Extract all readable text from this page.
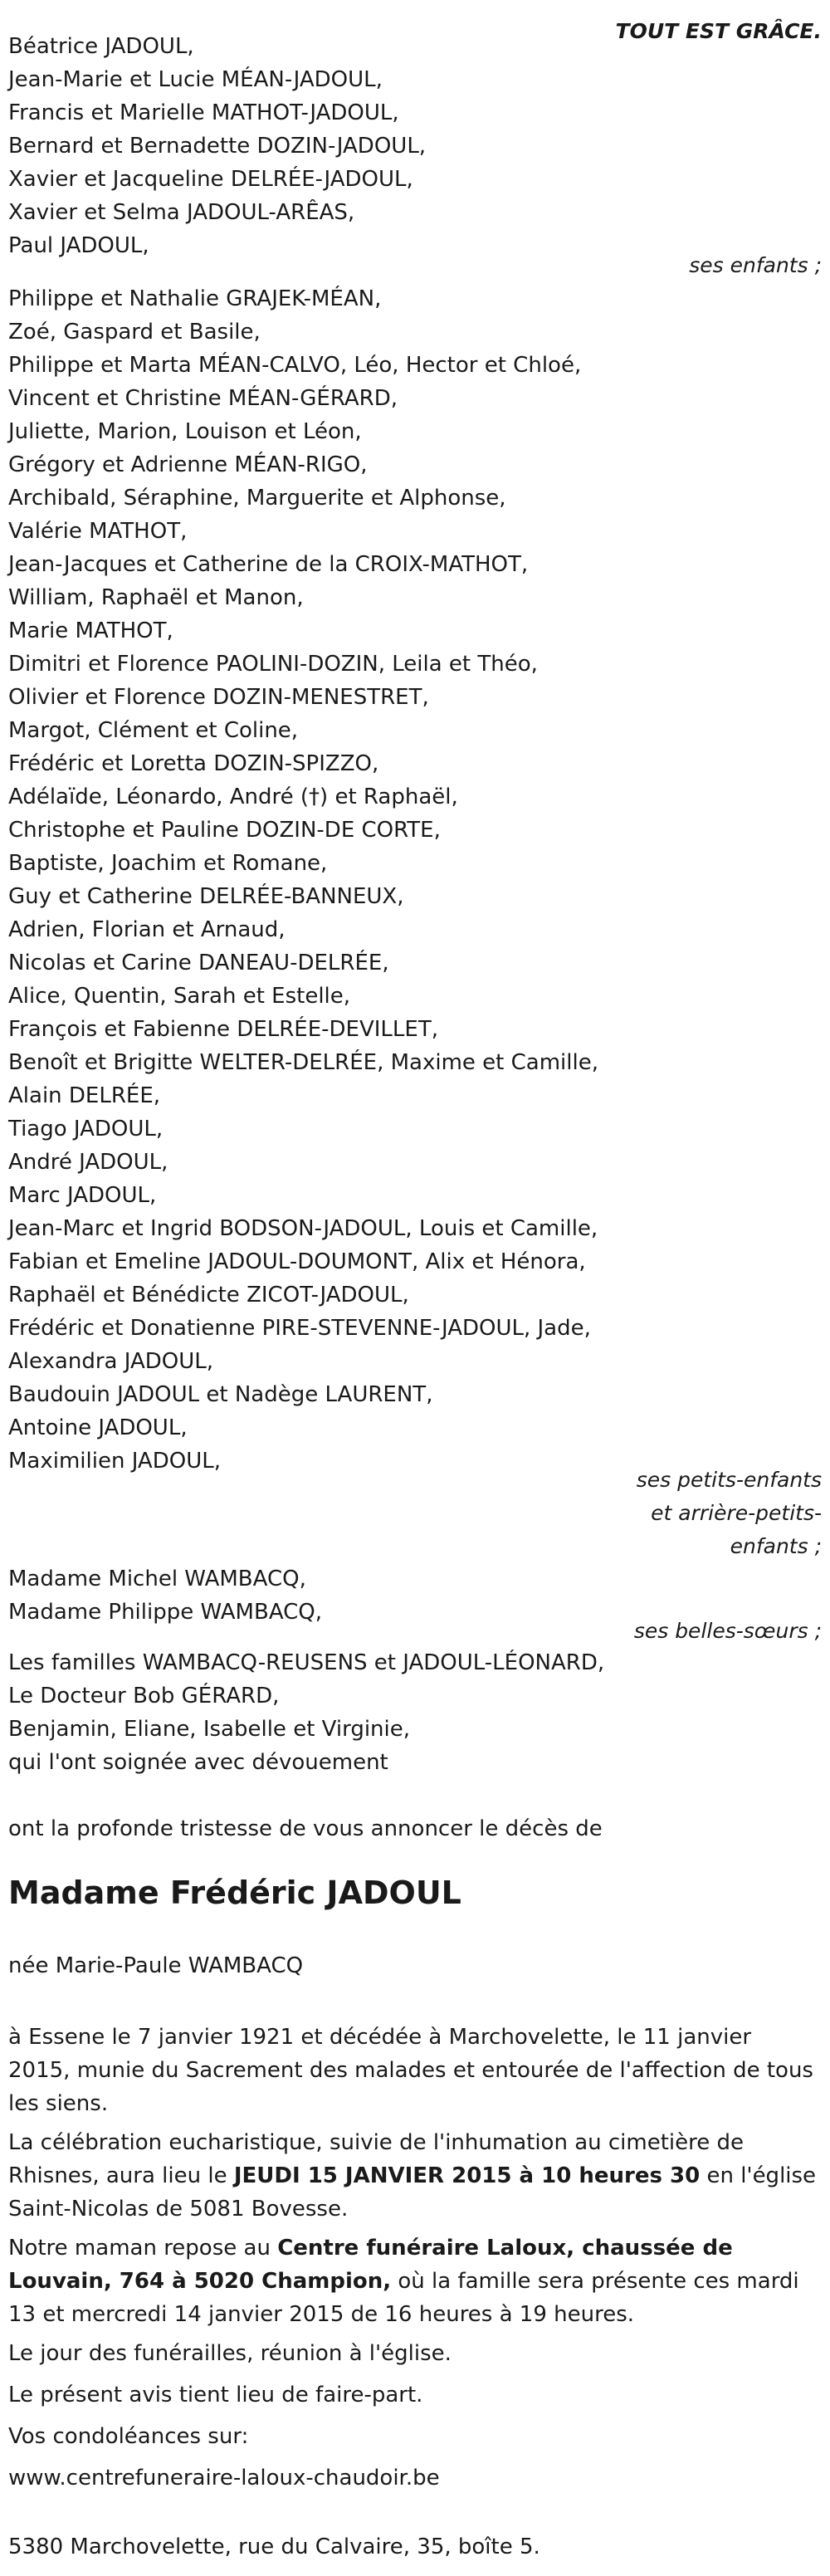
TOUT EST GRÂCE.
Béatrice JADOUL,
Jean-Marie et Lucie MÉAN-JADOUL,
Francis et Marielle MATHOT-JADOUL,
Bernard et Bernadette DOZIN-JADOUL,
Xavier et Jacqueline DELRÉE-JADOUL,
Xavier et Selma JADOUL-ARÊAS,
Paul JADOUL,
ses enfants ;
Philippe et Nathalie GRAJEK-MÉAN,
Zoé, Gaspard et Basile,
Philippe et Marta MÉAN-CALVO, Léo, Hector et Chloé,
Vincent et Christine MÉAN-GÉRARD,
Juliette, Marion, Louison et Léon,
Grégory et Adrienne MÉAN-RIGO,
Archibald, Séraphine, Marguerite et Alphonse,
Valérie MATHOT,
Jean-Jacques et Catherine de la CROIX-MATHOT,
William, Raphaël et Manon,
Marie MATHOT,
Dimitri et Florence PAOLINI-DOZIN, Leila et Théo,
Olivier et Florence DOZIN-MENESTRET,
Margot, Clément et Coline,
Frédéric et Loretta DOZIN-SPIZZO,
Adélaïde, Léonardo, André (†) et Raphaël,
Christophe et Pauline DOZIN-DE CORTE,
Baptiste, Joachim et Romane,
Guy et Catherine DELRÉE-BANNEUX,
Adrien, Florian et Arnaud,
Nicolas et Carine DANEAU-DELRÉE,
Alice, Quentin, Sarah et Estelle,
François et Fabienne DELRÉE-DEVILLET,
Benoît et Brigitte WELTER-DELRÉE, Maxime et Camille,
Alain DELRÉE,
Tiago JADOUL,
André JADOUL,
Marc JADOUL,
Jean-Marc et Ingrid BODSON-JADOUL, Louis et Camille,
Fabian et Emeline JADOUL-DOUMONT, Alix et Hénora,
Raphaël et Bénédicte ZICOT-JADOUL,
Frédéric et Donatienne PIRE-STEVENNE-JADOUL, Jade,
Alexandra JADOUL,
Baudouin JADOUL et Nadège LAURENT,
Antoine JADOUL,
Maximilien JADOUL,
ses petits-enfants
et arrière-petits-
enfants ;
Madame Michel WAMBACQ,
Madame Philippe WAMBACQ,
ses belles-sœurs ;
Les familles WAMBACQ-REUSENS et JADOUL-LÉONARD,
Le Docteur Bob GÉRARD,
Benjamin, Eliane, Isabelle et Virginie,
qui l'ont soignée avec dévouement
ont la profonde tristesse de vous annoncer le décès de
Madame Frédéric JADOUL
née Marie-Paule WAMBACQ
à Essene le 7 janvier 1921 et décédée à Marchovelette, le 11 janvier 2015, munie du Sacrement des malades et entourée de l'affection de tous les siens.
La célébration eucharistique, suivie de l'inhumation au cimetière de Rhisnes, aura lieu le JEUDI 15 JANVIER 2015 à 10 heures 30 en l'église Saint-Nicolas de 5081 Bovesse.
Notre maman repose au Centre funéraire Laloux, chaussée de Louvain, 764 à 5020 Champion, où la famille sera présente ces mardi 13 et mercredi 14 janvier 2015 de 16 heures à 19 heures.
Le jour des funérailles, réunion à l'église.
Le présent avis tient lieu de faire-part.
Vos condoléances sur:
www.centrefuneraire-laloux-chaudoir.be
5380 Marchovelette, rue du Calvaire, 35, boîte 5.
